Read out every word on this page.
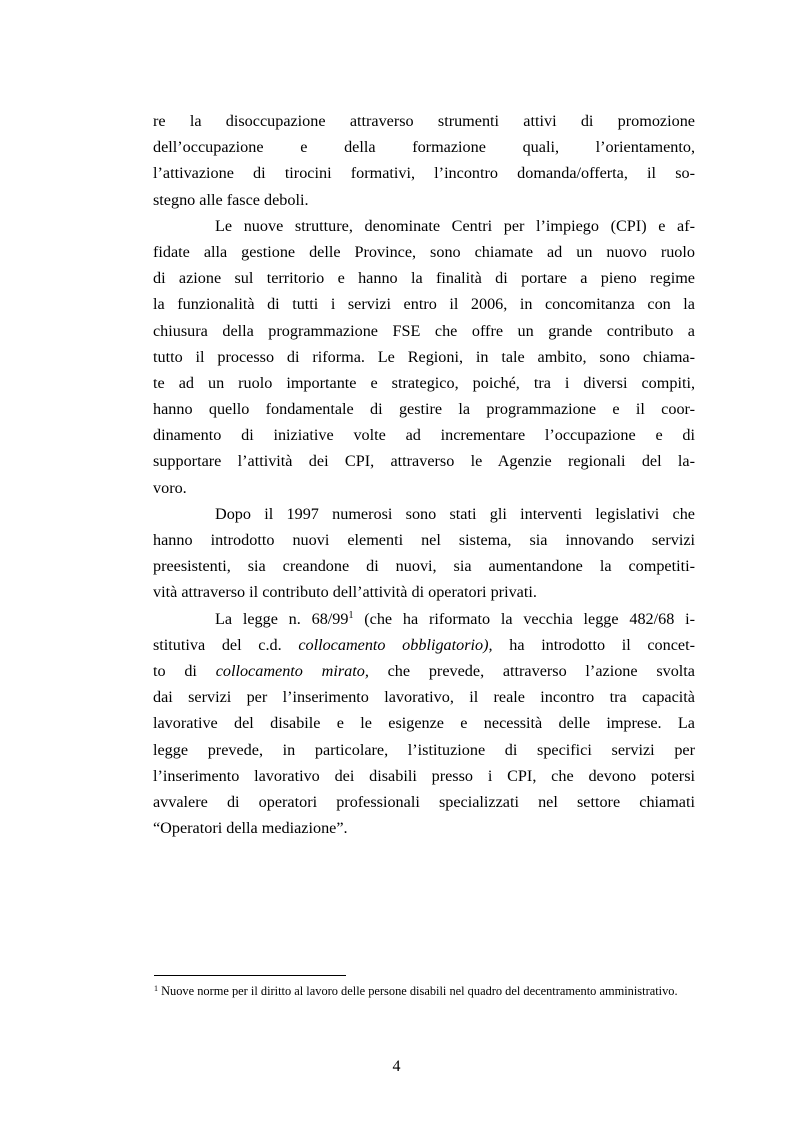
re la disoccupazione attraverso strumenti attivi di promozione
dell’occupazione e della formazione quali, l’orientamento,
l’attivazione di tirocini formativi, l’incontro domanda/offerta, il so-
stegno alle fasce deboli.
Le nuove strutture, denominate Centri per l’impiego (CPI) e af-
fidate alla gestione delle Province, sono chiamate ad un nuovo ruolo
di azione sul territorio e hanno la finalità di portare a pieno regime
la funzionalità di tutti i servizi entro il 2006, in concomitanza con la
chiusura della programmazione FSE che offre un grande contributo a
tutto il processo di riforma. Le Regioni, in tale ambito, sono chiama-
te ad un ruolo importante e strategico, poiché, tra i diversi compiti,
hanno quello fondamentale di gestire la programmazione e il coor-
dinamento di iniziative volte ad incrementare l’occupazione e di
supportare l’attività dei CPI, attraverso le Agenzie regionali del la-
voro.
Dopo il 1997 numerosi sono stati gli interventi legislativi che
hanno introdotto nuovi elementi nel sistema, sia innovando servizi
preesistenti, sia creandone di nuovi, sia aumentandone la competiti-
vità attraverso il contributo dell’attività di operatori privati.
La legge n. $68/99^1$ (che ha riformato la vecchia legge 482/68 i-
stitutiva del c.d. collocamento obbligatorio), ha introdotto il concet-
to di collocamento mirato, che prevede, attraverso l’azione svolta
dai servizi per l’inserimento lavorativo, il reale incontro tra capacità
lavorative del disabile e le esigenze e necessità delle imprese. La
legge prevede, in particolare, l’istituzione di specifici servizi per
l’inserimento lavorativo dei disabili presso i CPI, che devono potersi
avvalere di operatori professionali specializzati nel settore chiamati
“Operatori della mediazione”.
$^1$ Nuove norme per il diritto al lavoro delle persone disabili nel quadro del decentramento amministrativo.
4
